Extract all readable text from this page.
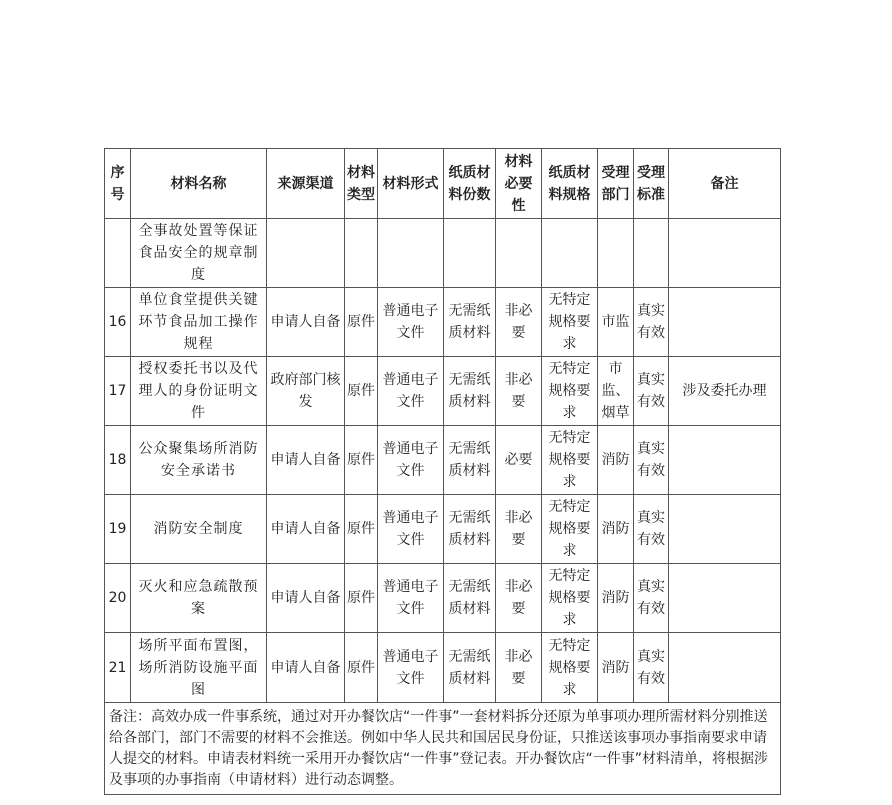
序号	材料名称	来源渠道	材料类型	材料形式	纸质材料份数	材料必要性	纸质材料规格	受理部门	受理标准	备注
	全事故处置等保证食品安全的规章制度									
16	单位食堂提供关键环节食品加工操作规程	申请人自备	原件	普通电子文件	无需纸质材料	非必要	无特定规格要求	市监	真实有效	
17	授权委托书以及代理人的身份证明文件	政府部门核发	原件	普通电子文件	无需纸质材料	非必要	无特定规格要求	市监、烟草	真实有效	涉及委托办理
18	公众聚集场所消防安全承诺书	申请人自备	原件	普通电子文件	无需纸质材料	必要	无特定规格要求	消防	真实有效	
19	消防安全制度	申请人自备	原件	普通电子文件	无需纸质材料	非必要	无特定规格要求	消防	真实有效	
20	灭火和应急疏散预案	申请人自备	原件	普通电子文件	无需纸质材料	非必要	无特定规格要求	消防	真实有效	
21	场所平面布置图，场所消防设施平面图	申请人自备	原件	普通电子文件	无需纸质材料	非必要	无特定规格要求	消防	真实有效	
备注：高效办成一件事系统，通过对开办餐饮店“一件事”一套材料拆分还原为单事项办理所需材料分别推送给各部门，部门不需要的材料不会推送。例如中华人民共和国居民身份证，只推送该事项办事指南要求申请人提交的材料。申请表材料统一采用开办餐饮店“一件事”登记表。开办餐饮店“一件事”材料清单，将根据涉及事项的办事指南（申请材料）进行动态调整。										
